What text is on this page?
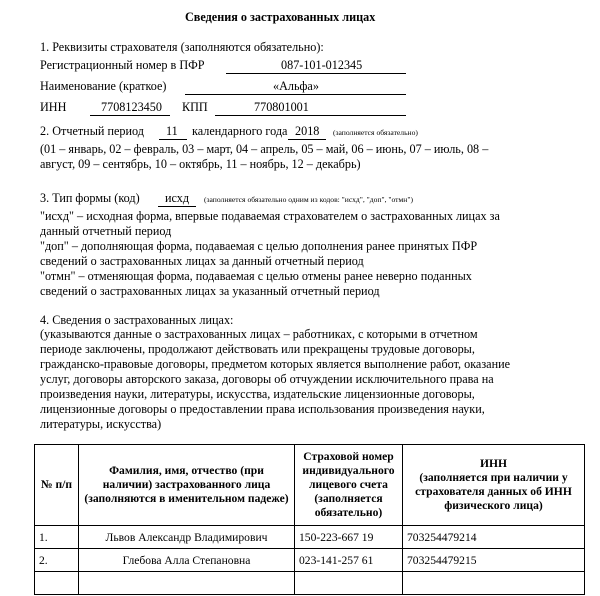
Сведения о застрахованных лицах
1. Реквизиты страхователя (заполняются обязательно):
Регистрационный номер в ПФР	087-101-012345
Наименование (краткое)	«Альфа»
ИНН	7708123450 КПП	770801001
2. Отчетный период 11 календарного года 2018 (заполняется обязательно)
(01 – январь, 02 – февраль, 03 – март, 04 – апрель, 05 – май, 06 – июнь, 07 – июль, 08 –
август, 09 – сентябрь, 10 – октябрь, 11 – ноябрь, 12 – декабрь)
3. Тип формы (код) исхд (заполняется обязательно одним из кодов: "исхд", "доп", "отмн")
"исхд" – исходная форма, впервые подаваемая страхователем о застрахованных лицах за
данный отчетный период
"доп" – дополняющая форма, подаваемая с целью дополнения ранее принятых ПФР
сведений о застрахованных лицах за данный отчетный период
"отмн" – отменяющая форма, подаваемая с целью отмены ранее неверно поданных
сведений о застрахованных лицах за указанный отчетный период
4. Сведения о застрахованных лицах:
(указываются данные о застрахованных лицах – работниках, с которыми в отчетном
периоде заключены, продолжают действовать или прекращены трудовые договоры,
гражданско-правовые договоры, предметом которых является выполнение работ, оказание
услуг, договоры авторского заказа, договоры об отчуждении исключительного права на
произведения науки, литературы, искусства, издательские лицензионные договоры,
лицензионные договоры о предоставлении права использования произведения науки,
литературы, искусства)
№ п/п	Фамилия, имя, отчество (при наличии) застрахованного лица (заполняются в именительном падеже)	Страховой номер индивидуального лицевого счета (заполняется обязательно)	ИНН
(заполняется при наличии у страхователя данных об ИНН физического лица)

1.	Львов Александр Владимирович	150-223-667 19	703254479214
2.	Глебова Алла Степановна	023-141-257 61	703254479215
